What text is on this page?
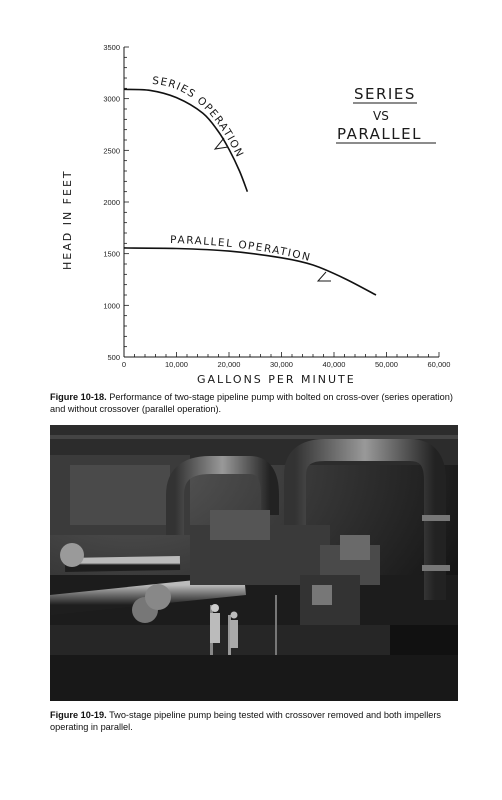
500
1000
1500
2000
2500
3000
3500
0	10,000	20,000	30,000	40,000	50,000	60,000
HEAD IN FEET
GALLONS PER MINUTE
SERIES
VS
PARALLEL
SERIES OPERATION
PARALLEL OPERATION
Figure 10-18. Performance of two-stage pipeline pump with bolted on cross-over (series operation) and without crossover (parallel operation).
Figure 10-19. Two-stage pipeline pump being tested with crossover removed and both impellers operating in parallel.
